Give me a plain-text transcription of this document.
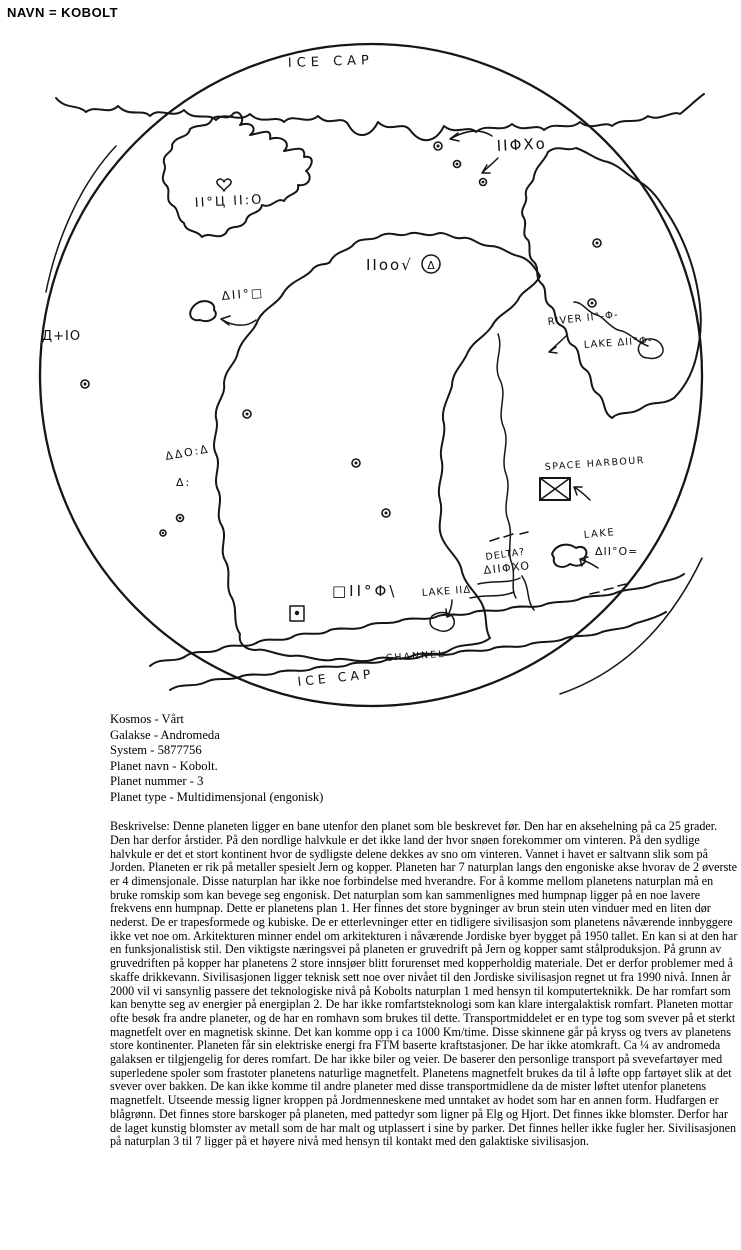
NAVN = KOBOLT
ICE CAP
II°Ц II:O
IIΦXo
RIVER II°-Φ-
LAKE ΔII°Φ-
IIoo√ Δ
ΔII°□
Д+IO
ΔΔO:Δ
Δ:
SPACE HARBOUR
DELTA?
ΔIIΦXO
LAKE
ΔII°O=
□II°Φ\ LAKE IIΔ
CHANNEL
ICE CAP
Kosmos - Vårt
Galakse - Andromeda
System - 5877756
Planet navn - Kobolt.
Planet nummer - 3
Planet type - Multidimensjonal (engonisk)

Beskrivelse: Denne planeten ligger en bane utenfor den planet som ble beskrevet før. Den har en aksehelning på ca 25 grader. Den har derfor årstider. På den nordlige halvkule er det ikke land der hvor snøen forekommer om vinteren. På den sydlige halvkule er det et stort kontinent hvor de sydligste delene dekkes av sno om vinteren. Vannet i havet er saltvann slik som på Jorden. Planeten er rik på metaller spesielt Jern og kopper. Planeten har 7 naturplan langs den engoniske akse hvorav de 2 øverste er 4 dimensjonale. Disse naturplan har ikke noe forbindelse med hverandre. For å komme mellom planetens naturplan må en bruke romskip som kan bevege seg engonisk. Det naturplan som kan sammenlignes med humpnap ligger på en noe lavere frekvens enn humpnap. Dette er planetens plan 1. Her finnes det store bygninger av brun stein uten vinduer med en liten dør nederst. De er trapesformede og kubiske. De er etterlevninger etter en tidligere sivilisasjon som planetens nåværende innbyggere ikke vet noe om. Arkitekturen minner endel om arkitekturen i nåværende Jordiske byer bygget på 1950 tallet. En kan si at den har en funksjonalistisk stil. Den viktigste næringsvei på planeten er gruvedrift på Jern og kopper samt stålproduksjon. På grunn av gruvedriften på kopper har planetens 2 store innsjøer blitt forurenset med kopperholdig materiale. Det er derfor problemer med å skaffe drikkevann. Sivilisasjonen ligger teknisk sett noe over nivået til den Jordiske sivilisasjon regnet ut fra 1990 nivå. Innen år 2000 vil vi sansynlig passere det teknologiske nivå på Kobolts naturplan 1 med hensyn til komputerteknikk. De har romfart som kan benytte seg av energier på energiplan 2. De har ikke romfartsteknologi som kan klare intergalaktisk romfart. Planeten mottar ofte besøk fra andre planeter, og de har en romhavn som brukes til dette. Transportmiddelet er en type tog som svever på et sterkt magnetfelt over en magnetisk skinne. Det kan komme opp i ca 1000 Km/time. Disse skinnene går på kryss og tvers av planetens store kontinenter. Planeten får sin elektriske energi fra FTM baserte kraftstasjoner. De har ikke atomkraft. Ca ¼ av andromeda galaksen er tilgjengelig for deres romfart. De har ikke biler og veier. De baserer den personlige transport på svevefartøyer med superledene spoler som frastoter planetens naturlige magnetfelt. Planetens magnetfelt brukes da til å løfte opp fartøyet slik at det svever over bakken. De kan ikke komme til andre planeter med disse transportmidlene da de mister løftet utenfor planetens magnetfelt. Utseende messig ligner kroppen på Jordmenneskene med unntaket av hodet som har en annen form. Hudfargen er blågrønn. Det finnes store barskoger på planeten, med pattedyr som ligner på Elg og Hjort. Det finnes ikke blomster. Derfor har de laget kunstig blomster av metall som de har malt og utplassert i sine by parker. Det finnes heller ikke fugler her. Sivilisasjonen på naturplan 3 til 7 ligger på et høyere nivå med hensyn til kontakt med den galaktiske sivilisasjon.
